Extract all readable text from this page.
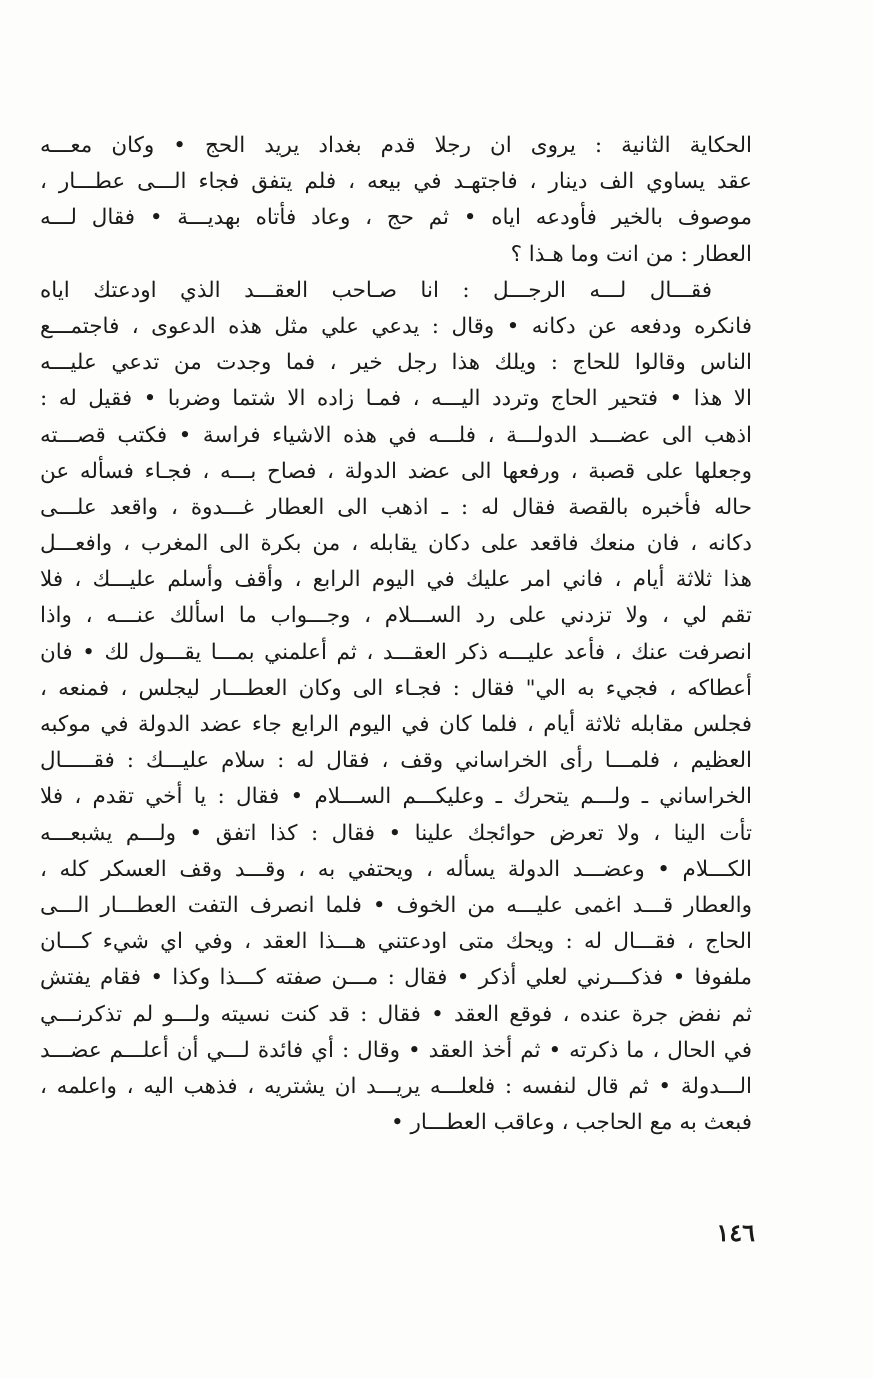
الحكاية الثانية : يروى ان رجلا قدم بغداد يريد الحج • وكان معـــه
عقد يساوي الف دينار ، فاجتهـد في بيعه ، فلم يتفق فجاء الـــى عطـــار ،
موصوف بالخير فأودعه اياه • ثم حج ، وعاد فأتاه بهديـــة • فقال لـــه
العطار : من انت وما هـذا ؟
فقـــال لـــه الرجـــل : انا صـاحب العقـــد الذي اودعتك اياه
فانكره ودفعه عن دكانه • وقال : يدعي علي مثل هذه الدعوى ، فاجتمـــع
الناس وقالوا للحاج : ويلك هذا رجل خير ، فما وجدت من تدعي عليـــه
الا هذا • فتحير الحاج وتردد اليـــه ، فمـا زاده الا شتما وضربا • فقيل له :
اذهب الى عضـــد الدولـــة ، فلـــه في هذه الاشياء فراسة • فكتب قصـــته
وجعلها على قصبة ، ورفعها الى عضد الدولة ، فصاح بـــه ، فجـاء فسأله عن
حاله فأخبره بالقصة فقال له : ـ اذهب الى العطار غـــدوة ، واقعد علـــى
دكانه ، فان منعك فاقعد على دكان يقابله ، من بكرة الى المغرب ، وافعـــل
هذا ثلاثة أيام ، فاني امر عليك في اليوم الرابع ، وأقف وأسلم عليـــك ، فلا
تقم لي ، ولا تزدني على رد الســـلام ، وجـــواب ما اسألك عنـــه ، واذا
انصرفت عنك ، فأعد عليـــه ذكر العقـــد ، ثم أعلمني بمـــا يقـــول لك • فان
أعطاكه ، فجيء به الي" فقال : فجـاء الى وكان العطـــار ليجلس ، فمنعه ،
فجلس مقابله ثلاثة أيام ، فلما كان في اليوم الرابع جاء عضد الدولة في موكبه
العظيم ، فلمـــا رأى الخراساني وقف ، فقال له : سلام عليـــك : فقـــــال
الخراساني ـ ولـــم يتحرك ـ وعليكـــم الســـلام • فقال : يا أخي تقدم ، فلا
تأت الينا ، ولا تعرض حوائجك علينا • فقال : كذا اتفق • ولـــم يشبعـــه
الكـــلام • وعضـــد الدولة يسأله ، ويحتفي به ، وقـــد وقف العسكر كله ،
والعطار قـــد اغمى عليـــه من الخوف • فلما انصرف التفت العطـــار الـــى
الحاج ، فقـــال له : ويحك متى اودعتني هـــذا العقد ، وفي اي شيء كـــان
ملفوفا • فذكـــرني لعلي أذكر • فقال : مـــن صفته كـــذا وكذا • فقام يفتش
ثم نفض جرة عنده ، فوقع العقد • فقال : قد كنت نسيته ولـــو لم تذكرنـــي
في الحال ، ما ذكرته • ثم أخذ العقد • وقال : أي فائدة لـــي أن أعلـــم عضـــد
الـــدولة • ثم قال لنفسه : فلعلـــه يريـــد ان يشتريه ، فذهب اليه ، واعلمه ،
فبعث به مع الحاجب ، وعاقب العطـــار •
١٤٦
